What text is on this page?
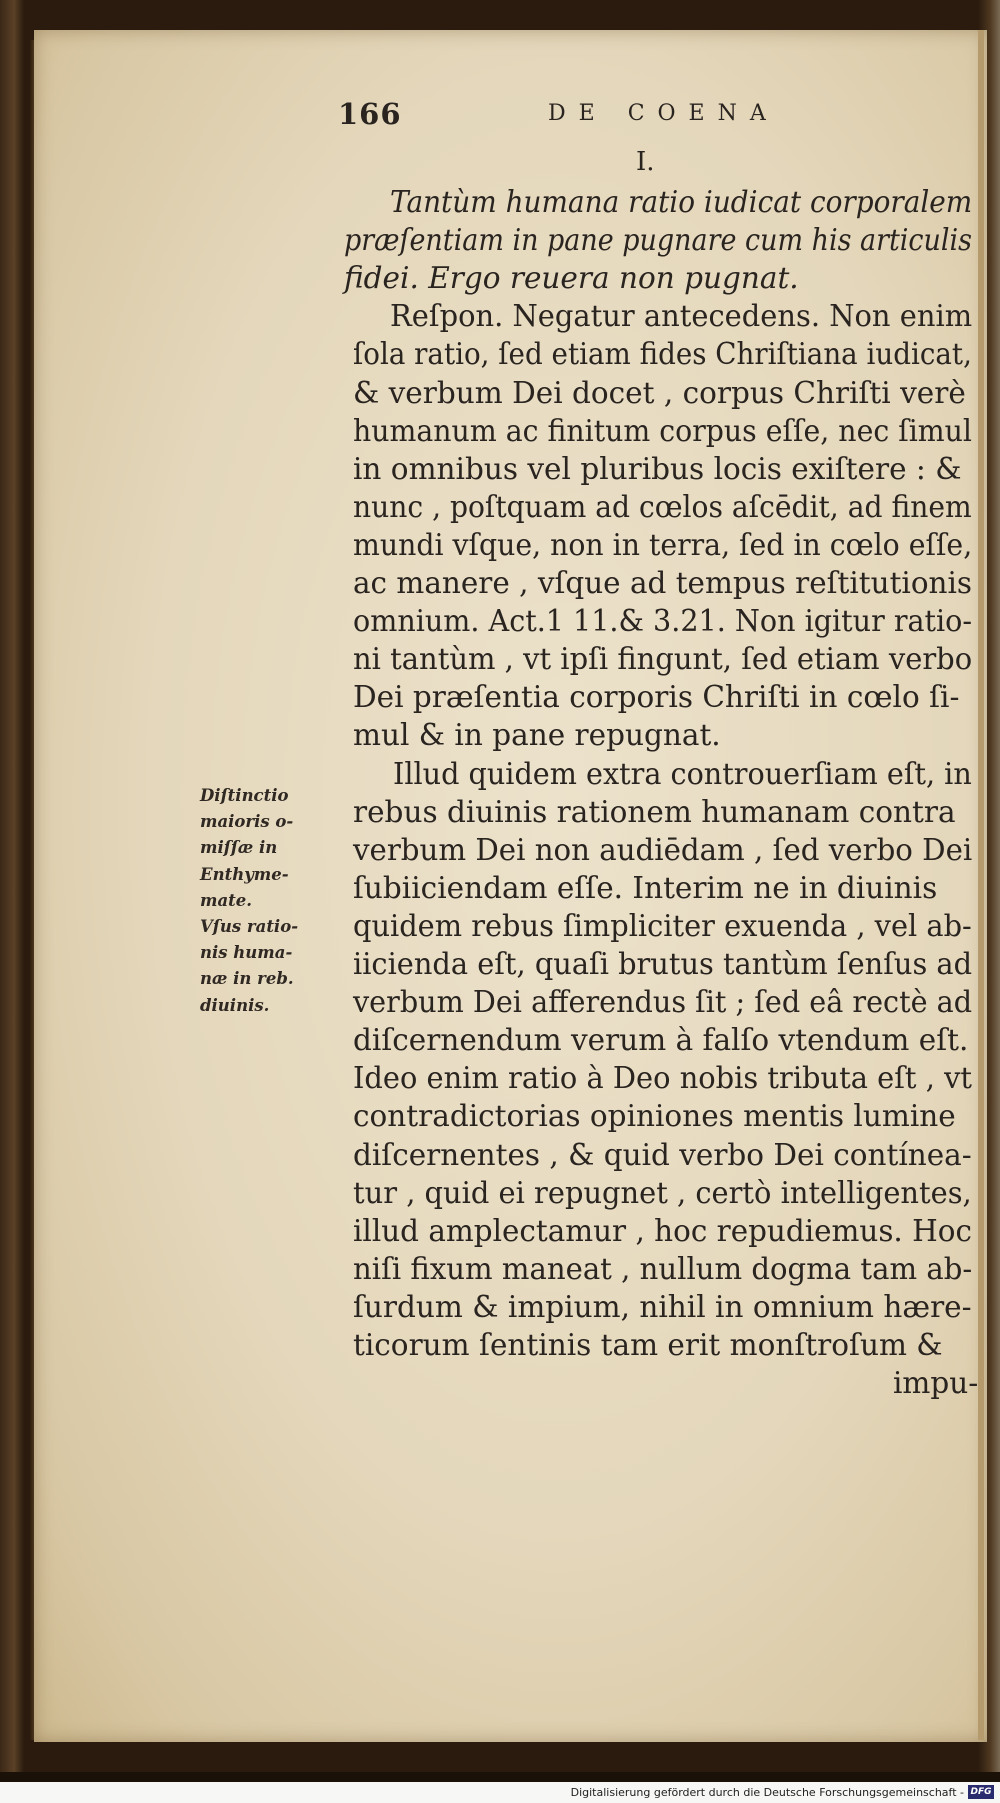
166	DE COENA
I.
Tantùm humana ratio iudicat corporalem
præſentiam in pane pugnare cum his articulis
fidei. Ergo reuera non pugnat.
Reſpon. Negatur antecedens. Non enim
ſola ratio, ſed etiam fides Chriſtiana iudicat,
& verbum Dei docet , corpus Chriſti verè
humanum ac finitum corpus eſſe, nec ſimul
in omnibus vel pluribus locis exiſtere : &
nunc , poſtquam ad cœlos aſcēdit, ad finem
mundi vſque, non in terra, ſed in cœlo eſſe,
ac manere , vſque ad tempus reſtitutionis
omnium. Act.1 11.& 3.21. Non igitur ratio-
ni tantùm , vt ipſi fingunt, ſed etiam verbo
Dei præſentia corporis Chriſti in cœlo ſi-
mul & in pane repugnat.
Illud quidem extra controuerſiam eſt, in
rebus diuinis rationem humanam contra
verbum Dei non audiēdam , ſed verbo Dei
ſubiiciendam eſſe. Interim ne in diuinis
quidem rebus ſimpliciter exuenda , vel ab-
iicienda eſt, quaſi brutus tantùm ſenſus ad
verbum Dei afferendus ſit ; ſed eâ rectè ad
diſcernendum verum à falſo vtendum eſt.
Ideo enim ratio à Deo nobis tributa eſt , vt
contradictorias opiniones mentis lumine
diſcernentes , & quid verbo Dei contínea-
tur , quid ei repugnet , certò intelligentes,
illud amplectamur , hoc repudiemus. Hoc
niſi fixum maneat , nullum dogma tam ab-
ſurdum & impium, nihil in omnium hære-
ticorum ſentinis tam erit monſtroſum &
impu-
Diſtinctio
maioris o-
miſſæ in
Enthyme-
mate.
Vſus ratio-
nis huma-
næ in reb.
diuinis.
Digitalisierung gefördert durch die Deutsche Forschungsgemeinschaft - DFG
